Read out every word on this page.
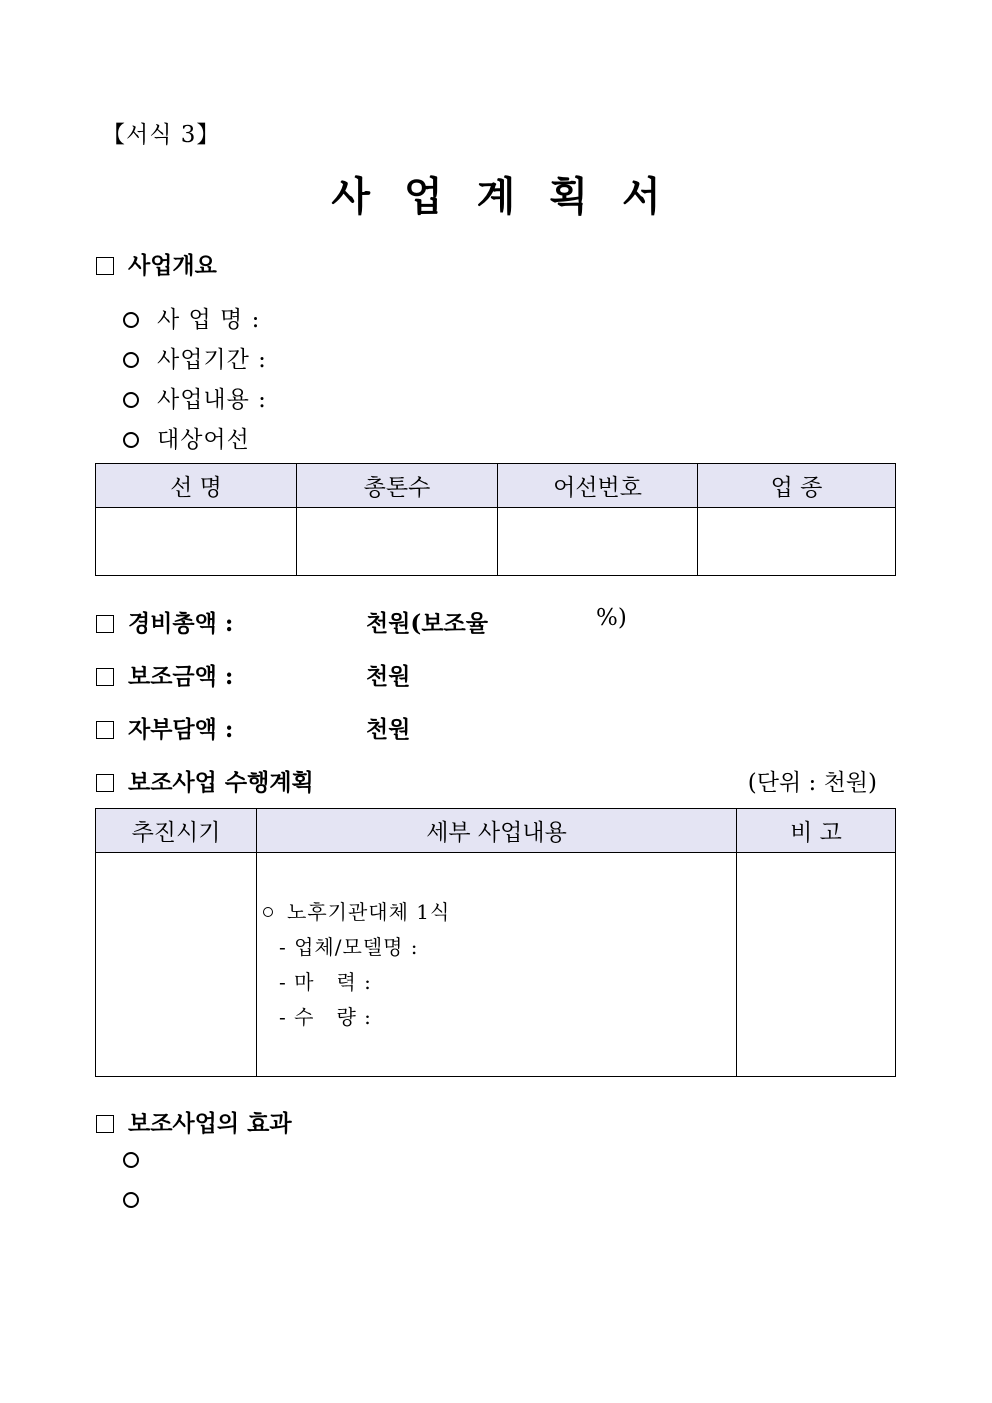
【서식 3】
사업계획서
사업개요
사 업 명 :
사업기간 :
사업내용 :
대상어선
선 명	총톤수	어선번호	업 종

경비총액 :	천원(보조율	%)
보조금액 :	천원
자부담액 :	천원
보조사업 수행계획	(단위 : 천원)
추진시기	세부 사업내용	비 고

	노후기관대체 1식
- 업체/모델명 :
- 마   력 :
- 수   량 :	

보조사업의 효과
